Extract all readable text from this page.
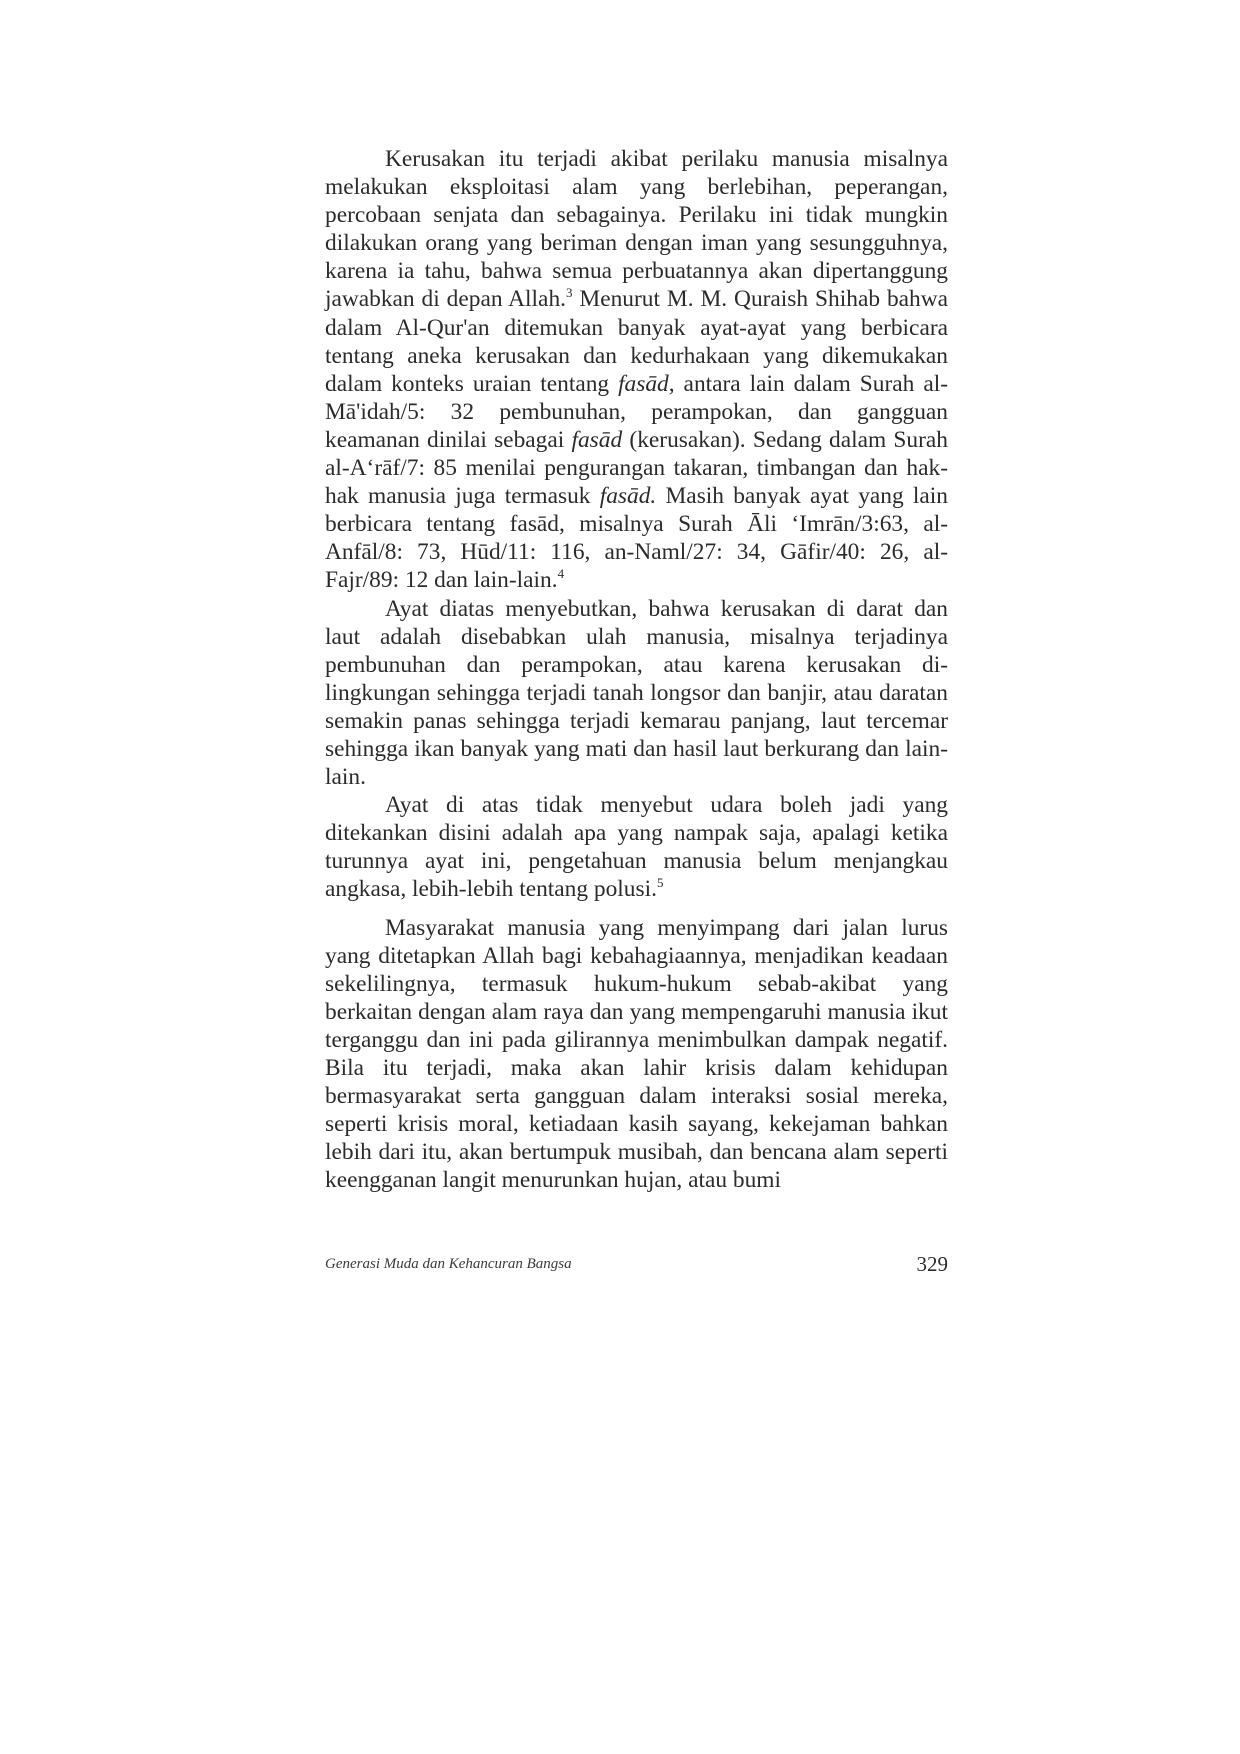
Kerusakan itu terjadi akibat perilaku manusia misalnya melakukan eksploitasi alam yang berlebihan, peperangan, percobaan senjata dan sebagainya. Perilaku ini tidak mungkin dilakukan orang yang beriman dengan iman yang sesungguhnya, karena ia tahu, bahwa semua perbuatannya akan dipertanggung jawabkan di depan Allah.$^3$ Menurut M. M. Quraish Shihab bahwa dalam Al-Qur'an ditemukan banyak ayat-ayat yang berbicara tentang aneka kerusakan dan kedurhakaan yang dikemukakan dalam konteks uraian tentang fasād, antara lain dalam Surah al-Mā'idah/5: 32 pembunuhan, perampokan, dan gangguan keamanan dinilai sebagai fasād (kerusakan). Sedang dalam Surah al-A‘rāf/7: 85 menilai pengurangan takaran, timbangan dan hak-hak manusia juga termasuk fasād. Masih banyak ayat yang lain berbicara tentang fasād, misalnya Surah Āli ‘Imrān/3:63, al-Anfāl/8: 73, Hūd/11: 116, an-Naml/27: 34, Gāfir/40: 26, al-Fajr/89: 12 dan lain-lain.$^4$

Ayat diatas menyebutkan, bahwa kerusakan di darat dan laut adalah disebabkan ulah manusia, misalnya terjadinya pembunuhan dan perampokan, atau karena kerusakan di-lingkungan sehingga terjadi tanah longsor dan banjir, atau daratan semakin panas sehingga terjadi kemarau panjang, laut tercemar sehingga ikan banyak yang mati dan hasil laut berkurang dan lain-lain.

Ayat di atas tidak menyebut udara boleh jadi yang ditekankan disini adalah apa yang nampak saja, apalagi ketika turunnya ayat ini, pengetahuan manusia belum menjangkau angkasa, lebih-lebih tentang polusi.$^5$

Masyarakat manusia yang menyimpang dari jalan lurus yang ditetapkan Allah bagi kebahagiaannya, menjadikan keadaan sekelilingnya, termasuk hukum-hukum sebab-akibat yang berkaitan dengan alam raya dan yang mempengaruhi manusia ikut terganggu dan ini pada gilirannya menimbulkan dampak negatif. Bila itu terjadi, maka akan lahir krisis dalam kehidupan bermasyarakat serta gangguan dalam interaksi sosial mereka, seperti krisis moral, ketiadaan kasih sayang, kekejaman bahkan lebih dari itu, akan bertumpuk musibah, dan bencana alam seperti keengganan langit menurunkan hujan, atau bumi

Generasi Muda dan Kehancuran Bangsa	329
